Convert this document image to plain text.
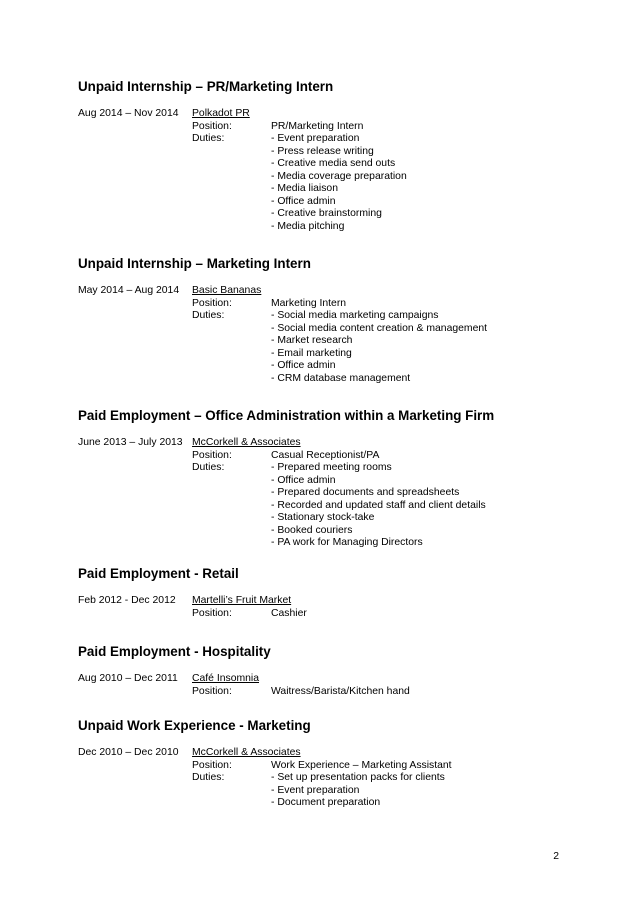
Unpaid Internship – PR/Marketing Intern
Aug 2014 – Nov 2014 Polkadot PR
Position:	PR/Marketing Intern
Duties:	- Event preparation
- Press release writing
- Creative media send outs
- Media coverage preparation
- Media liaison
- Office admin
- Creative brainstorming
- Media pitching
Unpaid Internship – Marketing Intern
May 2014 – Aug 2014 Basic Bananas
Position:	Marketing Intern
Duties:	- Social media marketing campaigns
- Social media content creation & management
- Market research
- Email marketing
- Office admin
- CRM database management
Paid Employment – Office Administration within a Marketing Firm
June 2013 – July 2013 McCorkell & Associates
Position:	Casual Receptionist/PA
Duties:	- Prepared meeting rooms
- Office admin
- Prepared documents and spreadsheets
- Recorded and updated staff and client details
- Stationary stock-take
- Booked couriers
- PA work for Managing Directors
Paid Employment - Retail
Feb 2012 - Dec 2012 Martelli’s Fruit Market
Position:	Cashier
Paid Employment - Hospitality
Aug 2010 – Dec 2011 Café Insomnia
Position:	Waitress/Barista/Kitchen hand
Unpaid Work Experience - Marketing
Dec 2010 – Dec 2010 McCorkell & Associates
Position:	Work Experience – Marketing Assistant
Duties:	- Set up presentation packs for clients
- Event preparation
- Document preparation
2
